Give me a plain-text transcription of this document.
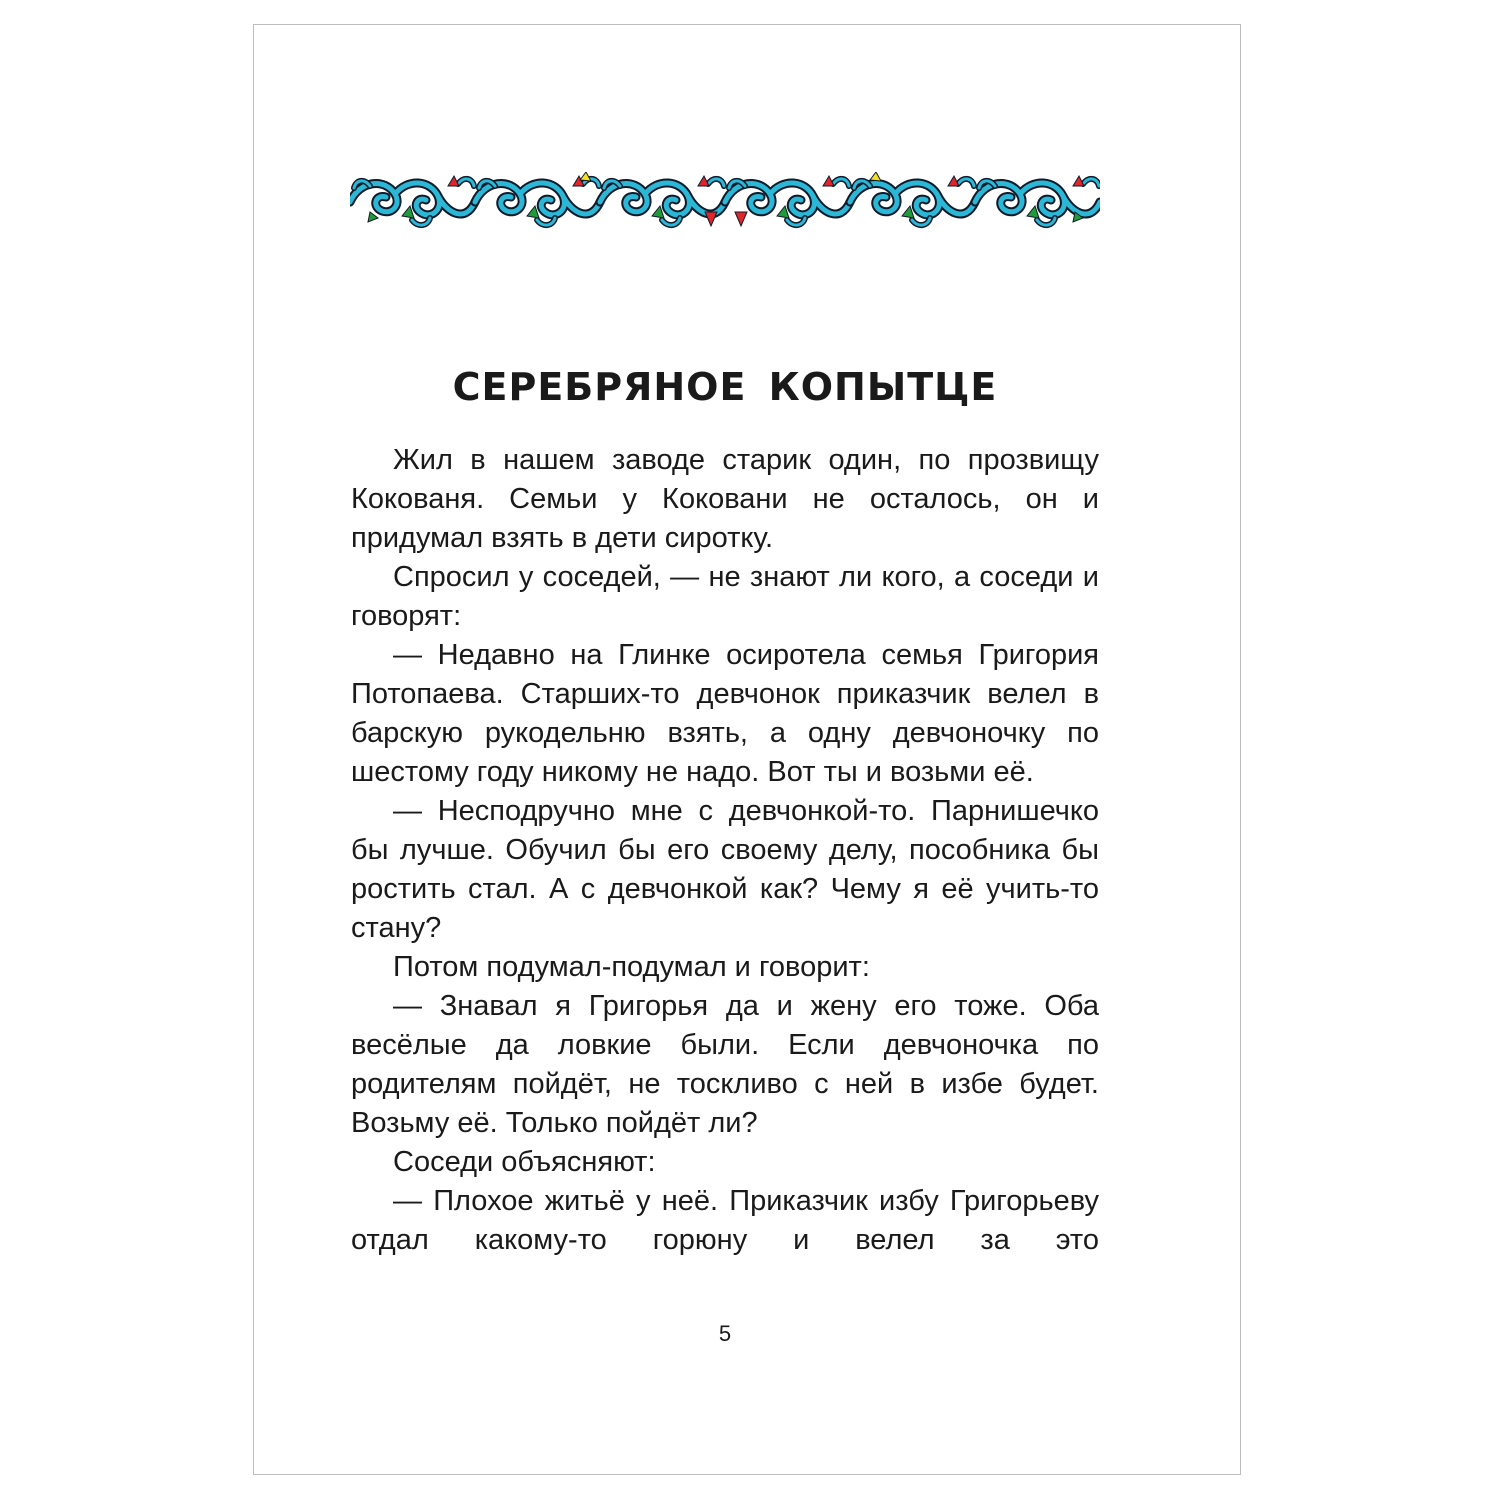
СЕРЕБРЯНОЕ КОПЫТЦЕ

Жил в нашем заводе старик один, по прозвищу Кокованя. Семьи у Коковани не осталось, он и придумал взять в дети сиротку.

Спросил у соседей, — не знают ли кого, а соседи и говорят:

— Недавно на Глинке осиротела семья Григория Потопаева. Старших-то девчонок приказчик велел в барскую рукодельню взять, а одну девчоночку по шестому году никому не надо. Вот ты и возьми её.

— Несподручно мне с девчонкой-то. Парнишечко бы лучше. Обучил бы его своему делу, пособника бы ростить стал. А с девчонкой как? Чему я её учить-то стану?

Потом подумал-подумал и говорит:

— Знавал я Григорья да и жену его тоже. Оба весёлые да ловкие были. Если девчоночка по родителям пойдёт, не тоскливо с ней в избе будет. Возьму её. Только пойдёт ли?

Соседи объясняют:

— Плохое житьё у неё. Приказчик избу Григорьеву отдал какому-то горюну и велел за это

5
